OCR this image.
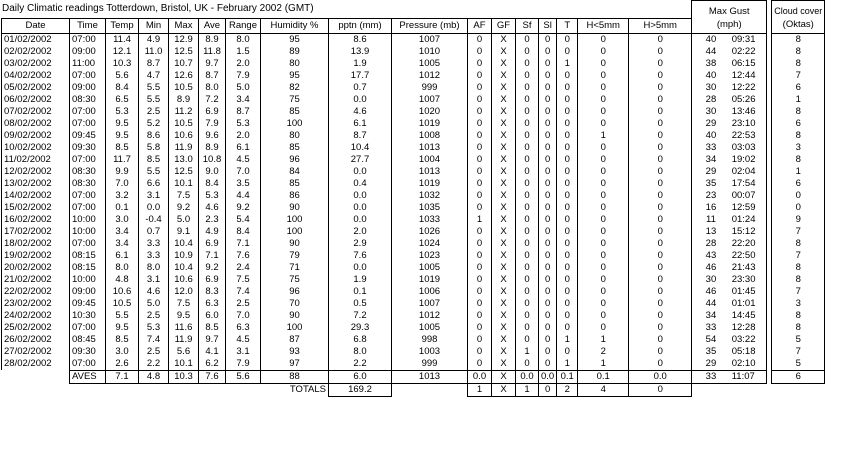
Daily Climatic readings Totterdown, Bristol, UK - February 2002 (GMT)
																	Max Gust			Cloud cover
Date	Time	Temp	Min	Max	Ave	Range	Humidity %	pptn (mm)	Pressure (mb)	AF	GF	Sf	Sl	T	H<5mm	H>5mm	(mph)			(Oktas)
01/02/2002	07:00	11.4	4.9	12.9	8.9	8.0	95	8.6	1007	0	X	0	0	0	0	0	40	09:31		8
02/02/2002	09:00	12.1	11.0	12.5	11.8	1.5	89	13.9	1010	0	X	0	0	0	0	0	44	02:22		8
03/02/2002	11:00	10.3	8.7	10.7	9.7	2.0	80	1.9	1005	0	X	0	0	1	0	0	38	06:15		8
04/02/2002	07:00	5.6	4.7	12.6	8.7	7.9	95	17.7	1012	0	X	0	0	0	0	0	40	12:44		7
05/02/2002	09:00	8.4	5.5	10.5	8.0	5.0	82	0.7	999	0	X	0	0	0	0	0	30	12:22		6
06/02/2002	08:30	6.5	5.5	8.9	7.2	3.4	75	0.0	1007	0	X	0	0	0	0	0	28	05:26		1
07/02/2002	07:00	5.3	2.5	11.2	6.9	8.7	85	4.6	1020	0	X	0	0	0	0	0	30	13:46		8
08/02/2002	07:00	9.5	5.2	10.5	7.9	5.3	100	6.1	1019	0	X	0	0	0	0	0	29	23:10		6
09/02/2002	09:45	9.5	8.6	10.6	9.6	2.0	80	8.7	1008	0	X	0	0	0	1	0	40	22:53		8
10/02/2002	09:30	8.5	5.8	11.9	8.9	6.1	85	10.4	1013	0	X	0	0	0	0	0	33	03:03		3
11/02/2002	07:00	11.7	8.5	13.0	10.8	4.5	96	27.7	1004	0	X	0	0	0	0	0	34	19:02		8
12/02/2002	08:30	9.9	5.5	12.5	9.0	7.0	84	0.0	1013	0	X	0	0	0	0	0	29	02:04		1
13/02/2002	08:30	7.0	6.6	10.1	8.4	3.5	85	0.4	1019	0	X	0	0	0	0	0	35	17:54		6
14/02/2002	07:00	3.2	3.1	7.5	5.3	4.4	86	0.0	1032	0	X	0	0	0	0	0	23	00:07		0
15/02/2002	07:00	0.1	0.0	9.2	4.6	9.2	90	0.0	1035	0	X	0	0	0	0	0	16	12:59		0
16/02/2002	10:00	3.0	-0.4	5.0	2.3	5.4	100	0.0	1033	1	X	0	0	0	0	0	11	01:24		9
17/02/2002	10:00	3.4	0.7	9.1	4.9	8.4	100	2.0	1026	0	X	0	0	0	0	0	13	15:12		7
18/02/2002	07:00	3.4	3.3	10.4	6.9	7.1	90	2.9	1024	0	X	0	0	0	0	0	28	22:20		8
19/02/2002	08:15	6.1	3.3	10.9	7.1	7.6	79	7.6	1023	0	X	0	0	0	0	0	43	22:50		7
20/02/2002	08:15	8.0	8.0	10.4	9.2	2.4	71	0.0	1005	0	X	0	0	0	0	0	46	21:43		8
21/02/2002	10:00	4.8	3.1	10.6	6.9	7.5	75	1.9	1019	0	X	0	0	0	0	0	30	23:30		8
22/02/2002	09:00	10.6	4.6	12.0	8.3	7.4	96	0.1	1006	0	X	0	0	0	0	0	46	01:45		7
23/02/2002	09:45	10.5	5.0	7.5	6.3	2.5	70	0.5	1007	0	X	0	0	0	0	0	44	01:01		3
24/02/2002	10:30	5.5	2.5	9.5	6.0	7.0	90	7.2	1012	0	X	0	0	0	0	0	34	14:45		8
25/02/2002	07:00	9.5	5.3	11.6	8.5	6.3	100	29.3	1005	0	X	0	0	0	0	0	33	12:28		8
26/02/2002	08:45	8.5	7.4	11.9	9.7	4.5	87	6.8	998	0	X	0	0	1	1	0	54	03:22		5
27/02/2002	09:30	3.0	2.5	5.6	4.1	3.1	93	8.0	1003	0	X	1	0	0	2	0	35	05:18		7
28/02/2002	07:00	2.6	2.2	10.1	6.2	7.9	97	2.2	999	0	X	0	0	1	1	0	29	02:10		5
	AVES	7.1	4.8	10.3	7.6	5.6	88	6.0	1013	0.0	X	0.0	0.0	0.1	0.1	0.0	33	11:07		6
							TOTALS	169.2		1	X	1	0	2	4	0				
